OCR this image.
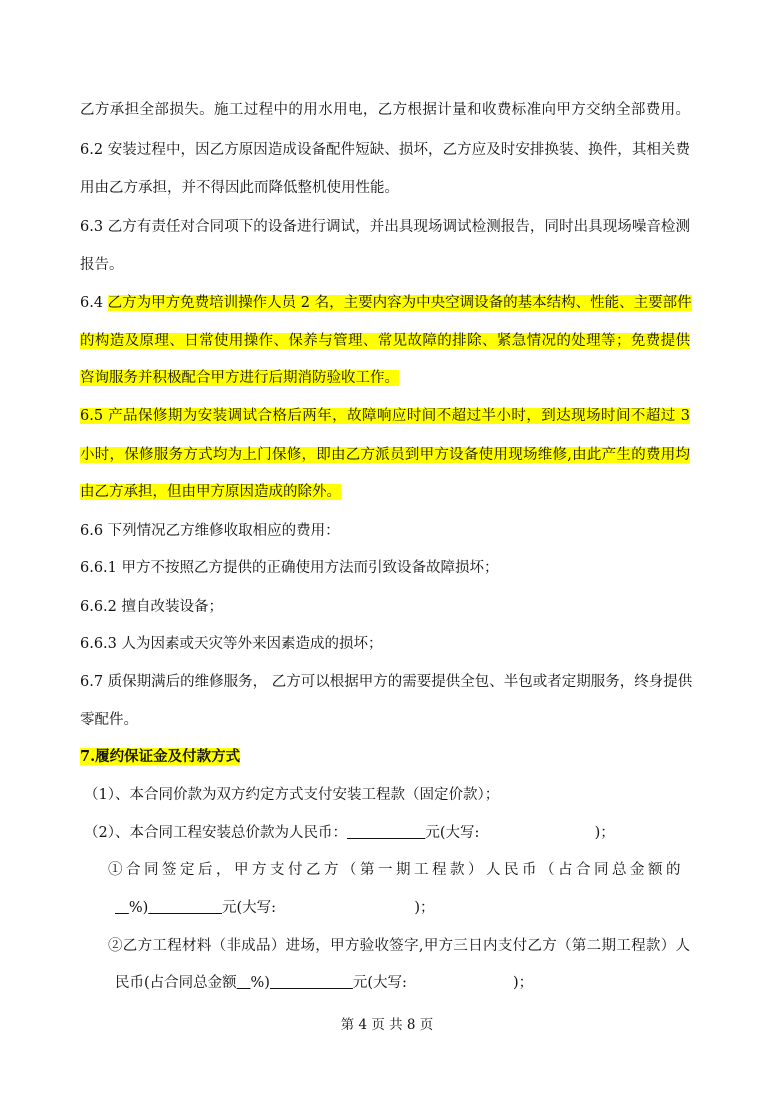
乙方承担全部损失。施工过程中的用水用电，乙方根据计量和收费标准向甲方交纳全部费用。
6.2 安装过程中，因乙方原因造成设备配件短缺、损坏，乙方应及时安排换装、换件，其相关费
用由乙方承担，并不得因此而降低整机使用性能。
6.3 乙方有责任对合同项下的设备进行调试，并出具现场调试检测报告，同时出具现场噪音检测
报告。
6.4 乙方为甲方免费培训操作人员 2 名，主要内容为中央空调设备的基本结构、性能、主要部件
的构造及原理、日常使用操作、保养与管理、常见故障的排除、紧急情况的处理等；免费提供
咨询服务并积极配合甲方进行后期消防验收工作。
6.5 产品保修期为安装调试合格后两年，故障响应时间不超过半小时，到达现场时间不超过 3
小时，保修服务方式均为上门保修，即由乙方派员到甲方设备使用现场维修,由此产生的费用均
由乙方承担，但由甲方原因造成的除外。
6.6 下列情况乙方维修收取相应的费用：
6.6.1 甲方不按照乙方提供的正确使用方法而引致设备故障损坏；
6.6.2 擅自改装设备；
6.6.3 人为因素或天灾等外来因素造成的损坏；
6.7 质保期满后的维修服务， 乙方可以根据甲方的需要提供全包、半包或者定期服务，终身提供
零配件。
7.履约保证金及付款方式
（1）、本合同价款为双方约定方式支付安装工程款（固定价款）；
（2）、本合同工程安装总价款为人民币：	元(大写:                         )；
①合同签定后，甲方支付乙方（第一期工程款）人民币（占合同总金额的
%)	元(大写:                              )；
②乙方工程材料（非成品）进场，甲方验收签字,甲方三日内支付乙方（第二期工程款）人
民币(占合同总金额 %)	元(大写:                       )；
第 4 页 共 8 页
